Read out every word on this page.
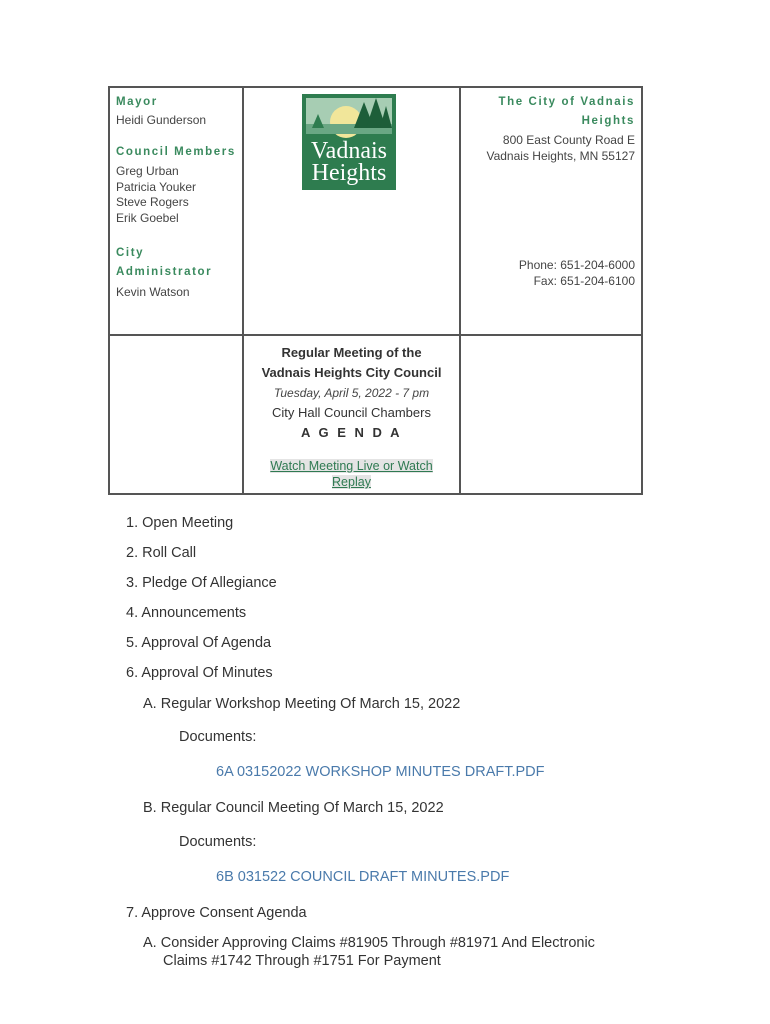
Mayor
Heidi Gunderson
Council Members
Greg Urban
Patricia Youker
Steve Rogers
Erik Goebel
City
Administrator
Kevin Watson
Vadnais
Heights
The City of Vadnais
Heights
800 East County Road E
Vadnais Heights, MN 55127
Phone: 651-204-6000
Fax: 651-204-6100
Regular Meeting of the
Vadnais Heights City Council
Tuesday, April 5, 2022 - 7 pm
City Hall Council Chambers
A G E N D A
Watch Meeting Live or Watch
Replay
1. Open Meeting
2. Roll Call
3. Pledge Of Allegiance
4. Announcements
5. Approval Of Agenda
6. Approval Of Minutes
A. Regular Workshop Meeting Of March 15, 2022
Documents:
6A 03152022 WORKSHOP MINUTES DRAFT.PDF
B. Regular Council Meeting Of March 15, 2022
Documents:
6B 031522 COUNCIL DRAFT MINUTES.PDF
7. Approve Consent Agenda
A. Consider Approving Claims #81905 Through #81971 And Electronic
Claims #1742 Through #1751 For Payment
